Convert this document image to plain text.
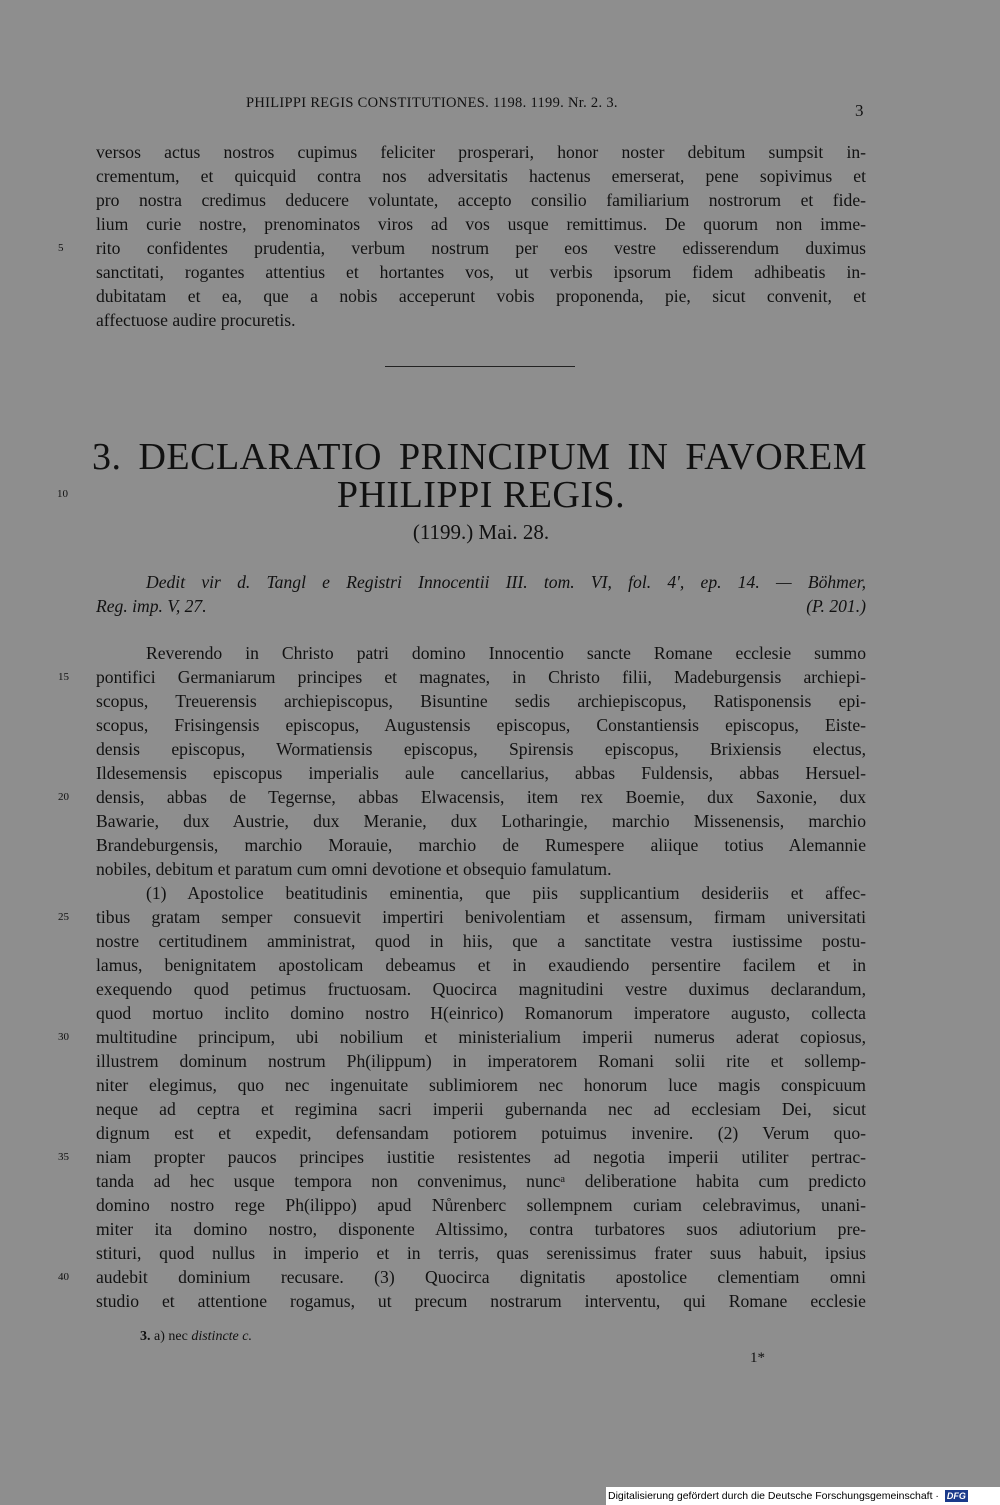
PHILIPPI REGIS CONSTITUTIONES. 1198. 1199. Nr. 2. 3.	3
versos actus nostros cupimus feliciter prosperari, honor noster debitum sumpsit in-
crementum, et quicquid contra nos adversitatis hactenus emerserat, pene sopivimus et
pro nostra credimus deducere voluntate, accepto consilio familiarium nostrorum et fide-
lium curie nostre, prenominatos viros ad vos usque remittimus. De quorum non imme-
rito confidentes prudentia, verbum nostrum per eos vestre edisserendum duximus
sanctitati, rogantes attentius et hortantes vos, ut verbis ipsorum fidem adhibeatis in-
dubitatam et ea, que a nobis acceperunt vobis proponenda, pie, sicut convenit, et
affectuose audire procuretis.
3. DECLARATIO PRINCIPUM IN FAVOREM
PHILIPPI REGIS.
(1199.) Mai. 28.
Dedit vir d. Tangl e Registri Innocentii III. tom. VI, fol. 4', ep. 14. — Böhmer,
Reg. imp. V, 27.	(P. 201.)
Reverendo in Christo patri domino Innocentio sancte Romane ecclesie summo
pontifici Germaniarum principes et magnates, in Christo filii, Madeburgensis archiepi-
scopus, Treuerensis archiepiscopus, Bisuntine sedis archiepiscopus, Ratisponensis epi-
scopus, Frisingensis episcopus, Augustensis episcopus, Constantiensis episcopus, Eiste-
densis episcopus, Wormatiensis episcopus, Spirensis episcopus, Brixiensis electus,
Ildesemensis episcopus imperialis aule cancellarius, abbas Fuldensis, abbas Hersuel-
densis, abbas de Tegernse, abbas Elwacensis, item rex Boemie, dux Saxonie, dux
Bawarie, dux Austrie, dux Meranie, dux Lotharingie, marchio Missenensis, marchio
Brandeburgensis, marchio Morauie, marchio de Rumespere aliique totius Alemannie
nobiles, debitum et paratum cum omni devotione et obsequio famulatum.
(1) Apostolice beatitudinis eminentia, que piis supplicantium desideriis et affec-
tibus gratam semper consuevit impertiri benivolentiam et assensum, firmam universitati
nostre certitudinem amministrat, quod in hiis, que a sanctitate vestra iustissime postu-
lamus, benignitatem apostolicam debeamus et in exaudiendo persentire facilem et in
exequendo quod petimus fructuosam. Quocirca magnitudini vestre duximus declarandum,
quod mortuo inclito domino nostro H(einrico) Romanorum imperatore augusto, collecta
multitudine principum, ubi nobilium et ministerialium imperii numerus aderat copiosus,
illustrem dominum nostrum Ph(ilippum) in imperatorem Romani solii rite et sollemp-
niter elegimus, quo nec ingenuitate sublimiorem nec honorum luce magis conspicuum
neque ad ceptra et regimina sacri imperii gubernanda nec ad ecclesiam Dei, sicut
dignum est et expedit, defensandam potiorem potuimus invenire. (2) Verum quo-
niam propter paucos principes iustitie resistentes ad negotia imperii utiliter pertrac-
tanda ad hec usque tempora non convenimus, nuncᵃ deliberatione habita cum predicto
domino nostro rege Ph(ilippo) apud Nůrenberc sollempnem curiam celebravimus, unani-
miter ita domino nostro, disponente Altissimo, contra turbatores suos adiutorium pre-
stituri, quod nullus in imperio et in terris, quas serenissimus frater suus habuit, ipsius
audebit dominium recusare. (3) Quocirca dignitatis apostolice clementiam omni
studio et attentione rogamus, ut precum nostrarum interventu, qui Romane ecclesie
5
10
15
20
25
30
35
40
3. a) nec distincte c.
1*
Digitalisierung gefördert durch die Deutsche Forschungsgemeinschaft · DFG
